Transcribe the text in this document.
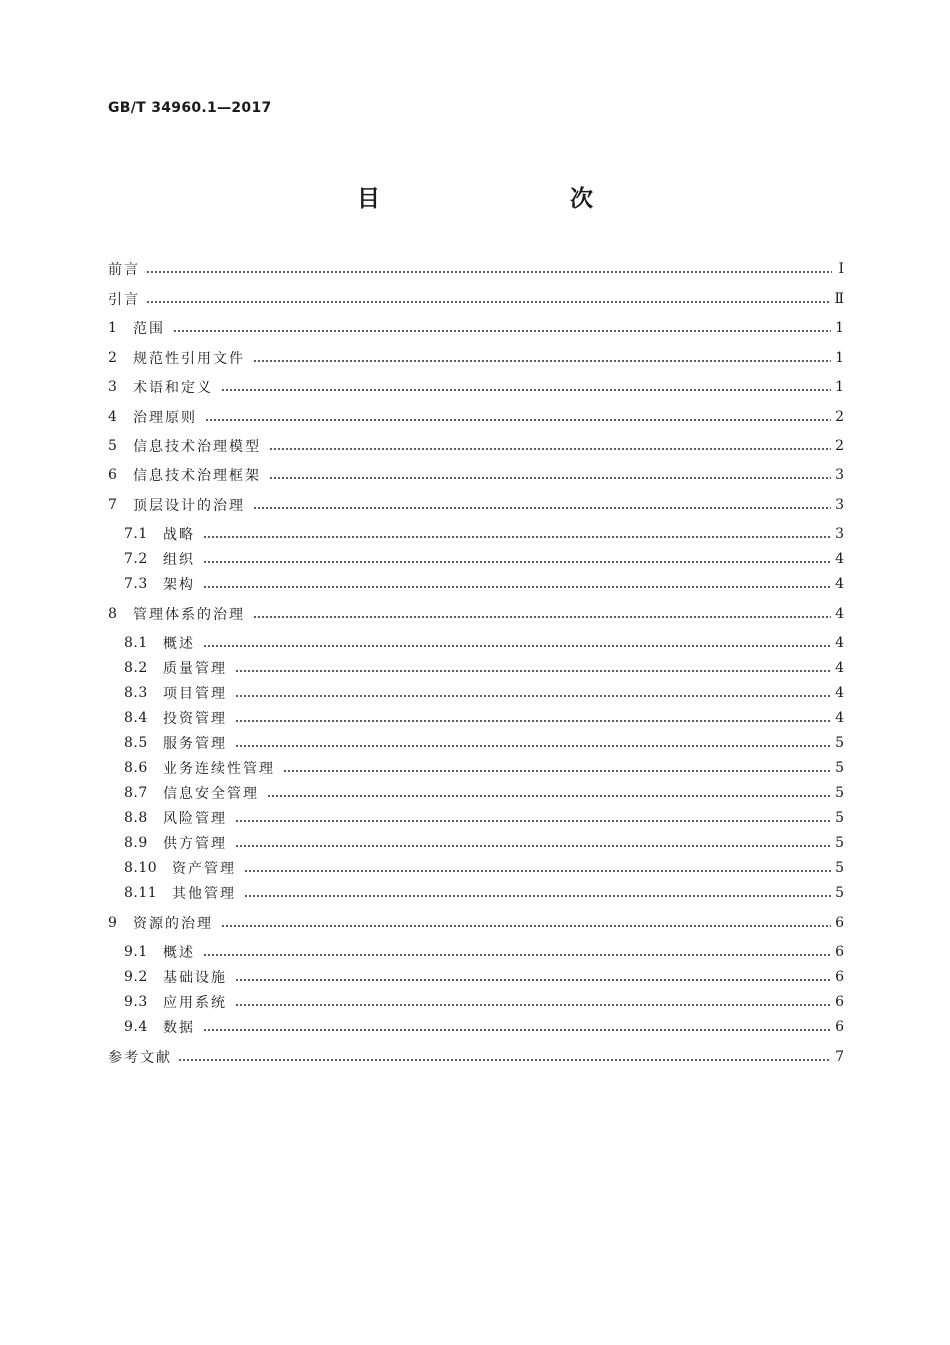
GB/T 34960.1—2017
目　　次
前言	Ⅰ
引言	Ⅱ
1	范围	1
2	规范性引用文件	1
3	术语和定义	1
4	治理原则	2
5	信息技术治理模型	2
6	信息技术治理框架	3
7	顶层设计的治理	3
7.1	战略	3
7.2	组织	4
7.3	架构	4
8	管理体系的治理	4
8.1	概述	4
8.2	质量管理	4
8.3	项目管理	4
8.4	投资管理	4
8.5	服务管理	5
8.6	业务连续性管理	5
8.7	信息安全管理	5
8.8	风险管理	5
8.9	供方管理	5
8.10	资产管理	5
8.11	其他管理	5
9	资源的治理	6
9.1	概述	6
9.2	基础设施	6
9.3	应用系统	6
9.4	数据	6
参考文献	7
